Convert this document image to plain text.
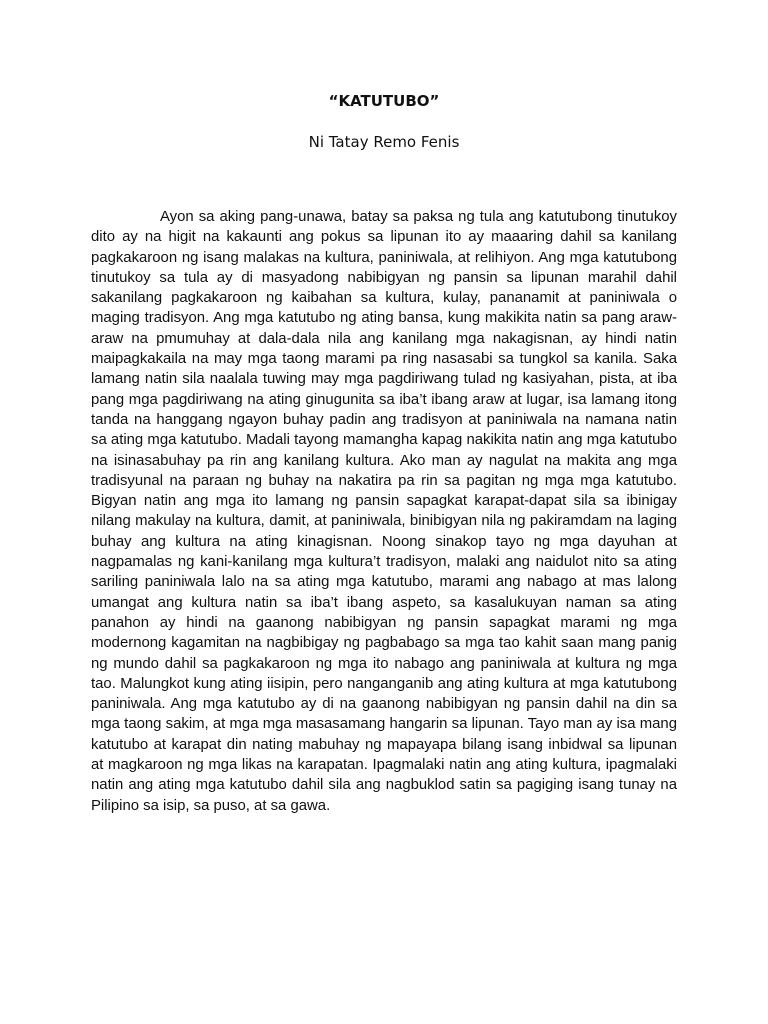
“KATUTUBO”
Ni Tatay Remo Fenis

Ayon sa aking pang-unawa, batay sa paksa ng tula ang katutubong tinutukoy dito ay na higit na kakaunti ang pokus sa lipunan ito ay maaaring dahil sa kanilang pagkakaroon ng isang malakas na kultura, paniniwala, at relihiyon. Ang mga katutubong tinutukoy sa tula ay di masyadong nabibigyan ng pansin sa lipunan marahil dahil sakanilang pagkakaroon ng kaibahan sa kultura, kulay, pananamit at paniniwala o maging tradisyon. Ang mga katutubo ng ating bansa, kung makikita natin sa pang araw-araw na pmumuhay at dala-dala nila ang kanilang mga nakagisnan, ay hindi natin maipagkakaila na may mga taong marami pa ring nasasabi sa tungkol sa kanila. Saka lamang natin sila naalala tuwing may mga pagdiriwang tulad ng kasiyahan, pista, at iba pang mga pagdiriwang na ating ginugunita sa iba’t ibang araw at lugar, isa lamang itong tanda na hanggang ngayon buhay padin ang tradisyon at paniniwala na namana natin sa ating mga katutubo. Madali tayong mamangha kapag nakikita natin ang mga katutubo na isinasabuhay pa rin ang kanilang kultura. Ako man ay nagulat na makita ang mga tradisyunal na paraan ng buhay na nakatira pa rin sa pagitan ng mga mga katutubo. Bigyan natin ang mga ito lamang ng pansin sapagkat karapat-dapat sila sa ibinigay nilang makulay na kultura, damit, at paniniwala, binibigyan nila ng pakiramdam na laging buhay ang kultura na ating kinagisnan. Noong sinakop tayo ng mga dayuhan at nagpamalas ng kani-kanilang mga kultura’t tradisyon, malaki ang naidulot nito sa ating sariling paniniwala lalo na sa ating mga katutubo, marami ang nabago at mas lalong umangat ang kultura natin sa iba’t ibang aspeto, sa kasalukuyan naman sa ating panahon ay hindi na gaanong nabibigyan ng pansin sapagkat marami ng mga modernong kagamitan na nagbibigay ng pagbabago sa mga tao kahit saan mang panig ng mundo dahil sa pagkakaroon ng mga ito nabago ang paniniwala at kultura ng mga tao. Malungkot kung ating iisipin, pero nanganganib ang ating kultura at mga katutubong paniniwala. Ang mga katutubo ay di na gaanong nabibigyan ng pansin dahil na din sa mga taong sakim, at mga mga masasamang hangarin sa lipunan. Tayo man ay isa mang katutubo at karapat din nating mabuhay ng mapayapa bilang isang inbidwal sa lipunan at magkaroon ng mga likas na karapatan. Ipagmalaki natin ang ating kultura, ipagmalaki natin ang ating mga katutubo dahil sila ang nagbuklod satin sa pagiging isang tunay na Pilipino sa isip, sa puso, at sa gawa.
